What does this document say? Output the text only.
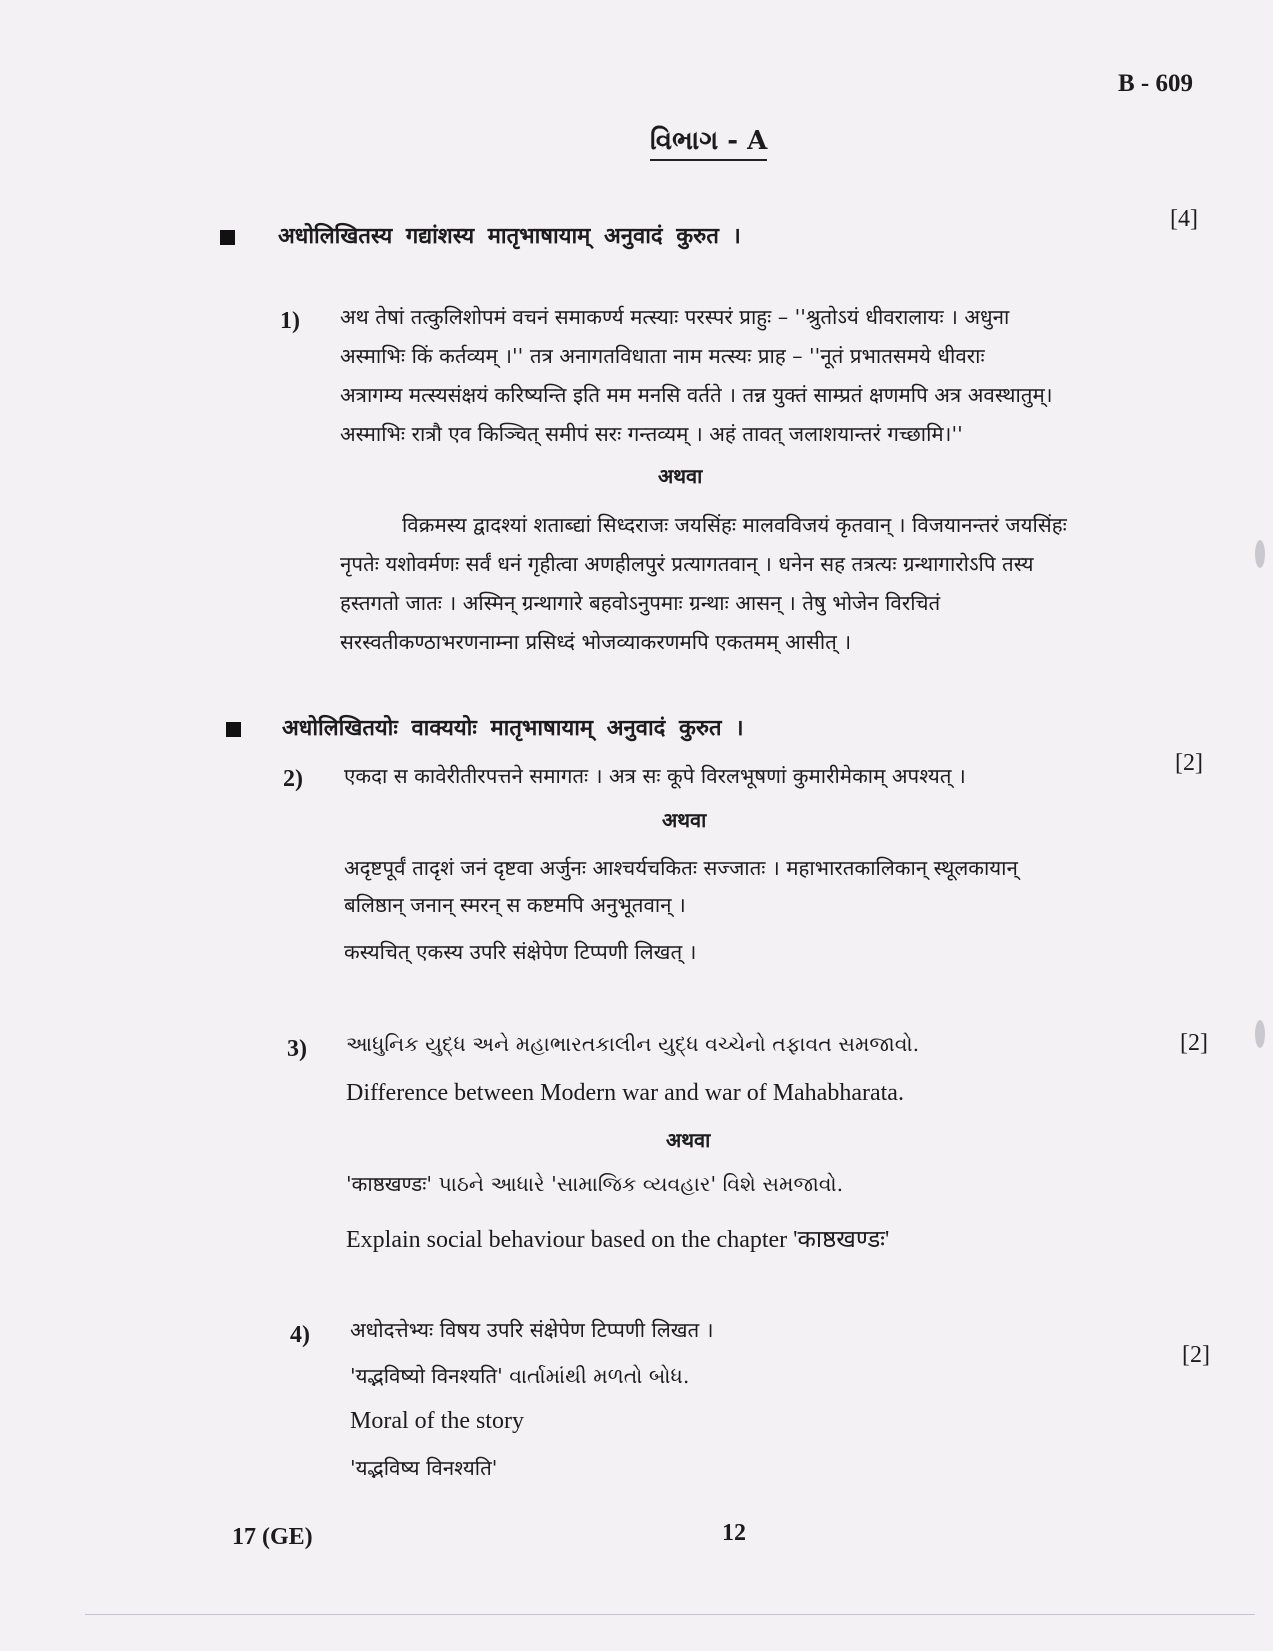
B - 609
વિભાગ - A
[4]
अधोलिखितस्य गद्यांशस्य मातृभाषायाम् अनुवादं कुरुत ।
1) अथ तेषां तत्कुलिशोपमं वचनं समाकर्ण्य मत्स्याः परस्परं प्राहुः – ''श्रुतोऽयं धीवरालायः । अधुना
अस्माभिः किं कर्तव्यम् ।'' तत्र अनागतविधाता नाम मत्स्यः प्राह – ''नूतं प्रभातसमये धीवराः
अत्रागम्य मत्स्यसंक्षयं करिष्यन्ति इति मम मनसि वर्तते । तन्न युक्तं साम्प्रतं क्षणमपि अत्र अवस्थातुम्।
अस्माभिः रात्रौ एव किञ्चित् समीपं सरः गन्तव्यम् । अहं तावत् जलाशयान्तरं गच्छामि।''
अथवा
विक्रमस्य द्वादश्यां शताब्द्यां सिध्दराजः जयसिंहः मालवविजयं कृतवान् । विजयानन्तरं जयसिंहः
नृपतेः यशोवर्मणः सर्वं धनं गृहीत्वा अणहीलपुरं प्रत्यागतवान् । धनेन सह तत्रत्यः ग्रन्थागारोऽपि तस्य
हस्तगतो जातः । अस्मिन् ग्रन्थागारे बहवोऽनुपमाः ग्रन्थाः आसन् । तेषु भोजेन विरचितं
सरस्वतीकण्ठाभरणनाम्ना प्रसिध्दं भोजव्याकरणमपि एकतमम् आसीत् ।
अधोलिखितयोः वाक्ययोः मातृभाषायाम् अनुवादं कुरुत ।
[2]
2) एकदा स कावेरीतीरपत्तने समागतः । अत्र सः कूपे विरलभूषणां कुमारीमेकाम् अपश्यत् ।
अथवा
अदृष्टपूर्वं तादृशं जनं दृष्टवा अर्जुनः आश्चर्यचकितः सज्जातः । महाभारतकालिकान् स्थूलकायान्
बलिष्ठान् जनान् स्मरन् स कष्टमपि अनुभूतवान् ।
कस्यचित् एकस्य उपरि संक्षेपेण टिप्पणी लिखत् ।
[2]
3) આધુનિક યુદ્ધ અને મહાભારતકાલીન યુદ્ધ વચ્ચેનો તફાવત સમજાવો.
Difference between Modern war and war of Mahabharata.
अथवा
'काष्ठखण्डः' પાઠને આધારે 'સામાજિક વ્યવહાર' વિશે સમજાવો.
Explain social behaviour based on the chapter 'काष्ठखण्डः'
4) अधोदत्तेभ्यः विषय उपरि संक्षेपेण टिप्पणी लिखत ।
[2]
'यद्भविष्यो विनश्यति' વાર્તામાંથી મળતો બોધ.
Moral of the story
'यद्भविष्य विनश्यति'
17 (GE)	12
